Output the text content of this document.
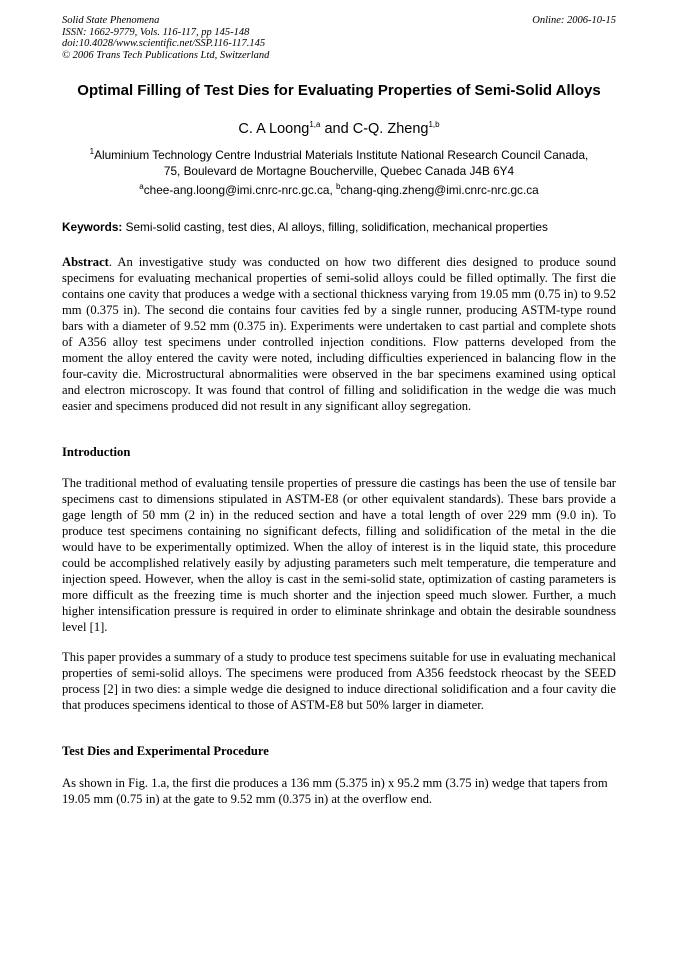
Solid State Phenomena
ISSN: 1662-9779, Vols. 116-117, pp 145-148
doi:10.4028/www.scientific.net/SSP.116-117.145
© 2006 Trans Tech Publications Ltd, Switzerland
Online: 2006-10-15
Optimal Filling of Test Dies for Evaluating Properties of Semi-Solid Alloys
C. A Loong$^{1,a}$ and C-Q. Zheng$^{1,b}$
$^1$Aluminium Technology Centre Industrial Materials Institute National Research Council Canada,
75, Boulevard de Mortagne Boucherville, Quebec Canada J4B 6Y4
$^a$chee-ang.loong@imi.cnrc-nrc.gc.ca, $^b$chang-qing.zheng@imi.cnrc-nrc.gc.ca
Keywords: Semi-solid casting, test dies, Al alloys, filling, solidification, mechanical properties
Abstract. An investigative study was conducted on how two different dies designed to produce sound specimens for evaluating mechanical properties of semi-solid alloys could be filled optimally. The first die contains one cavity that produces a wedge with a sectional thickness varying from 19.05 mm (0.75 in) to 9.52 mm (0.375 in). The second die contains four cavities fed by a single runner, producing ASTM-type round bars with a diameter of 9.52 mm (0.375 in). Experiments were undertaken to cast partial and complete shots of A356 alloy test specimens under controlled injection conditions. Flow patterns developed from the moment the alloy entered the cavity were noted, including difficulties experienced in balancing flow in the four-cavity die. Microstructural abnormalities were observed in the bar specimens examined using optical and electron microscopy. It was found that control of filling and solidification in the wedge die was much easier and specimens produced did not result in any significant alloy segregation.
Introduction
The traditional method of evaluating tensile properties of pressure die castings has been the use of tensile bar specimens cast to dimensions stipulated in ASTM-E8 (or other equivalent standards). These bars provide a gage length of 50 mm (2 in) in the reduced section and have a total length of over 229 mm (9.0 in). To produce test specimens containing no significant defects, filling and solidification of the metal in the die would have to be experimentally optimized. When the alloy of interest is in the liquid state, this procedure could be accomplished relatively easily by adjusting parameters such melt temperature, die temperature and injection speed. However, when the alloy is cast in the semi-solid state, optimization of casting parameters is more difficult as the freezing time is much shorter and the injection speed much slower. Further, a much higher intensification pressure is required in order to eliminate shrinkage and obtain the desirable soundness level [1].
This paper provides a summary of a study to produce test specimens suitable for use in evaluating mechanical properties of semi-solid alloys. The specimens were produced from A356 feedstock rheocast by the SEED process [2] in two dies: a simple wedge die designed to induce directional solidification and a four cavity die that produces specimens identical to those of ASTM-E8 but 50% larger in diameter.
Test Dies and Experimental Procedure
As shown in Fig. 1.a, the first die produces a 136 mm (5.375 in) x 95.2 mm (3.75 in) wedge that tapers from 19.05 mm (0.75 in) at the gate to 9.52 mm (0.375 in) at the overflow end.
